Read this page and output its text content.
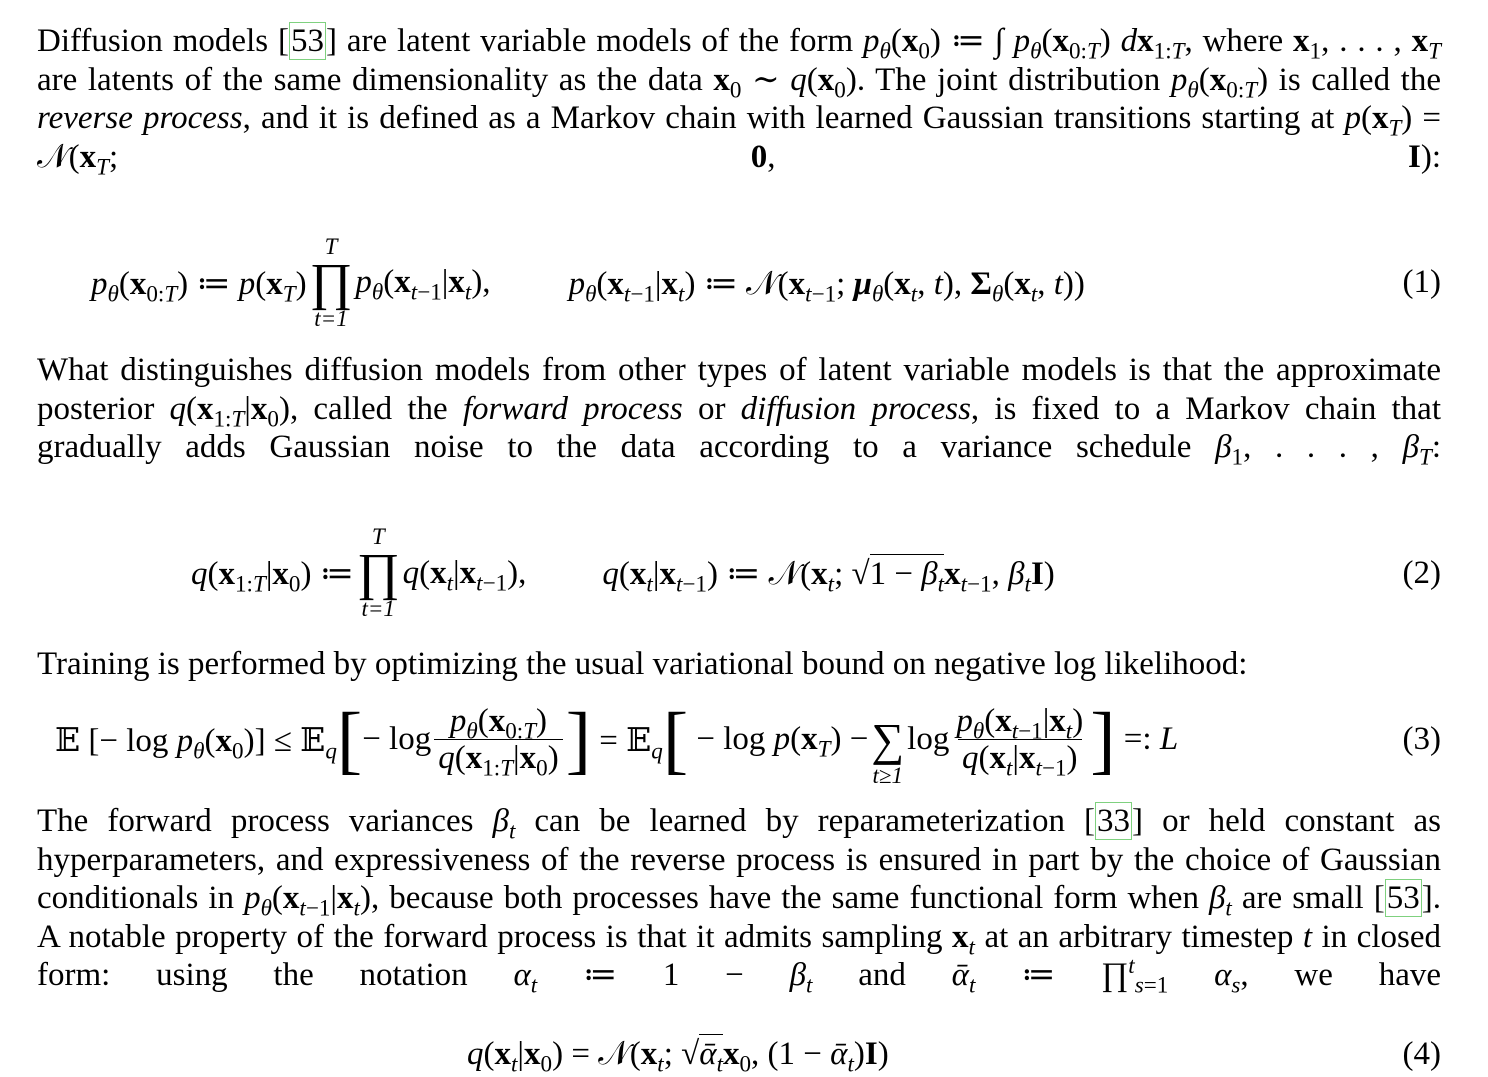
Diffusion models [53] are latent variable models of the form $p_\theta(x_0)$ ≔ ∫ $p_\theta(x_{0:T})$ $dx_{1:T}$, where $x_1$, . . . , $x_T$ are latents of the same dimensionality as the data $x_0$ ∼ $q(x_0)$. The joint distribution $p_\theta(x_{0:T})$ is called the reverse process, and it is defined as a Markov chain with learned Gaussian transitions starting at $p(x_T)$ = $𝒩(x_T$; 0, I):

$p_\theta(x_{0:T})$ ≔ $p(x_T)$
T
∏
t=1
$p_\theta(x_{t-1}|x_t)$, $p_\theta(x_{t-1}|x_t)$ ≔ $𝒩(x_{t-1}$; $\mu_\theta(x_t$, t), $\Sigma_\theta(x_t$, t))	(1)

What distinguishes diffusion models from other types of latent variable models is that the approximate posterior $q(x_{1:T}|x_0)$, called the forward process or diffusion process, is fixed to a Markov chain that gradually adds Gaussian noise to the data according to a variance schedule $\beta_1$, . . . , $\beta_T$:

$q(x_{1:T}|x_0)$ ≔
T
∏
t=1
$q(x_t|x_{t-1})$, $q(x_t|x_{t-1})$ ≔ $𝒩(x_t$; $√1 - \beta_tx_{t-1}$, $\beta_tI$)	(2)

Training is performed by optimizing the usual variational bound on negative log likelihood:

𝔼 [− $\log p_\theta(x_0)$] ≤ 𝔼$_q$ [ − $\log \frac{p_\theta(x_{0:T})}{q(x_{1:T}|x_0)}$ ] = 𝔼$_q$ [ − $\log p(x_T)$ −
∑
t≥1
$\log \frac{p_\theta(x_{t-1}|x_t)}{q(x_t|x_{t-1})}$ ] =: L	(3)

The forward process variances $\beta_t$ can be learned by reparameterization [33] or held constant as hyperparameters, and expressiveness of the reverse process is ensured in part by the choice of Gaussian conditionals in $p_\theta(x_{t-1}|x_t)$, because both processes have the same functional form when $\beta_t$ are small [53]. A notable property of the forward process is that it admits sampling $x_t$ at an arbitrary timestep t in closed form: using the notation $\alpha_t$ ≔ $1 - \beta_t$ and ᾱ$_t$ ≔ ∏$^t_{s=1}$ $\alpha_s$, we have

$q(x_t|x_0)$ = $𝒩(x_t$; $√ᾱ_tx_0$, (1 − ᾱ$_t$)I)	(4)
